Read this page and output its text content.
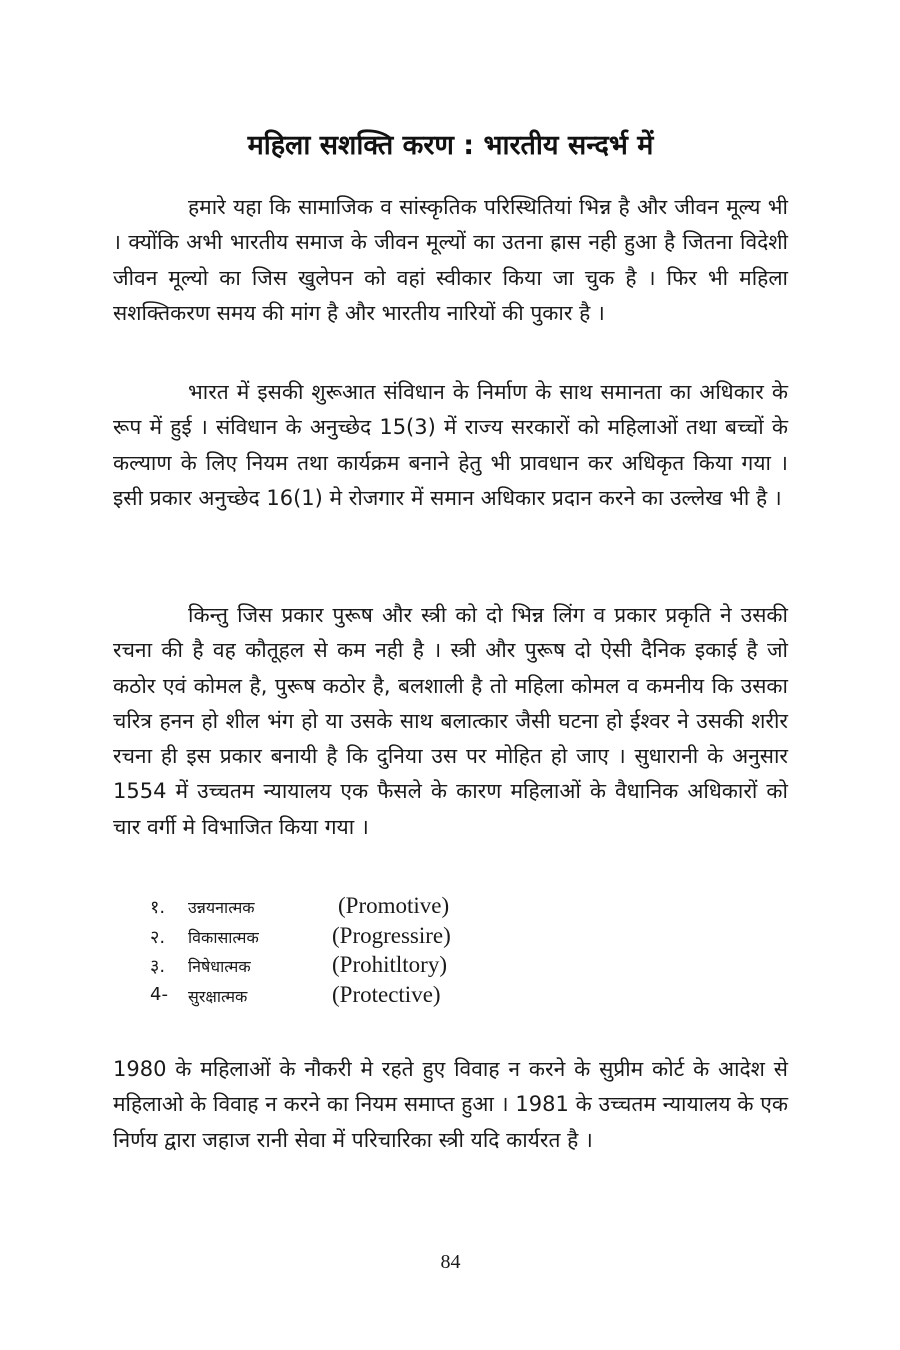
महिला सशक्ति करण : भारतीय सन्दर्भ में

हमारे यहा कि सामाजिक व सांस्कृतिक परिस्थितियां भिन्न है और जीवन मूल्य भी । क्योंकि अभी भारतीय समाज के जीवन मूल्यों का उतना ह्रास नही हुआ है जितना विदेशी जीवन मूल्यो का जिस खुलेपन को वहां स्वीकार किया जा चुक है । फिर भी महिला सशक्तिकरण समय की मांग है और भारतीय नारियों की पुकार है ।

भारत में इसकी शुरूआत संविधान के निर्माण के साथ समानता का अधिकार के रूप में हुई । संविधान के अनुच्छेद 15(3) में राज्य सरकारों को महिलाओं तथा बच्चों के कल्याण के लिए नियम तथा कार्यक्रम बनाने हेतु भी प्रावधान कर अधिकृत किया गया । इसी प्रकार अनुच्छेद 16(1) मे रोजगार में समान अधिकार प्रदान करने का उल्लेख भी है ।

किन्तु जिस प्रकार पुरूष और स्त्री को दो भिन्न लिंग व प्रकार प्रकृति ने उसकी रचना की है वह कौतूहल से कम नही है । स्त्री और पुरूष दो ऐसी दैनिक इकाई है जो कठोर एवं कोमल है, पुरूष कठोर है, बलशाली है तो महिला कोमल व कमनीय कि उसका चरित्र हनन हो शील भंग हो या उसके साथ बलात्कार जैसी घटना हो ईश्वर ने उसकी शरीर रचना ही इस प्रकार बनायी है कि दुनिया उस पर मोहित हो जाए । सुधारानी के अनुसार 1554 में उच्चतम न्यायालय एक फैसले के कारण महिलाओं के वैधानिक अधिकारों को चार वर्गी मे विभाजित किया गया ।

१. उन्नयनात्मक	(Promotive)
२. विकासात्मक	(Progressire)
३. निषेधात्मक	(Prohitltory)
4- सुरक्षात्मक	(Protective)

1980 के महिलाओं के नौकरी मे रहते हुए विवाह न करने के सुप्रीम कोर्ट के आदेश से महिलाओ के विवाह न करने का नियम समाप्त हुआ । 1981 के उच्चतम न्यायालय के एक निर्णय द्वारा जहाज रानी सेवा में परिचारिका स्त्री यदि कार्यरत है ।

84
